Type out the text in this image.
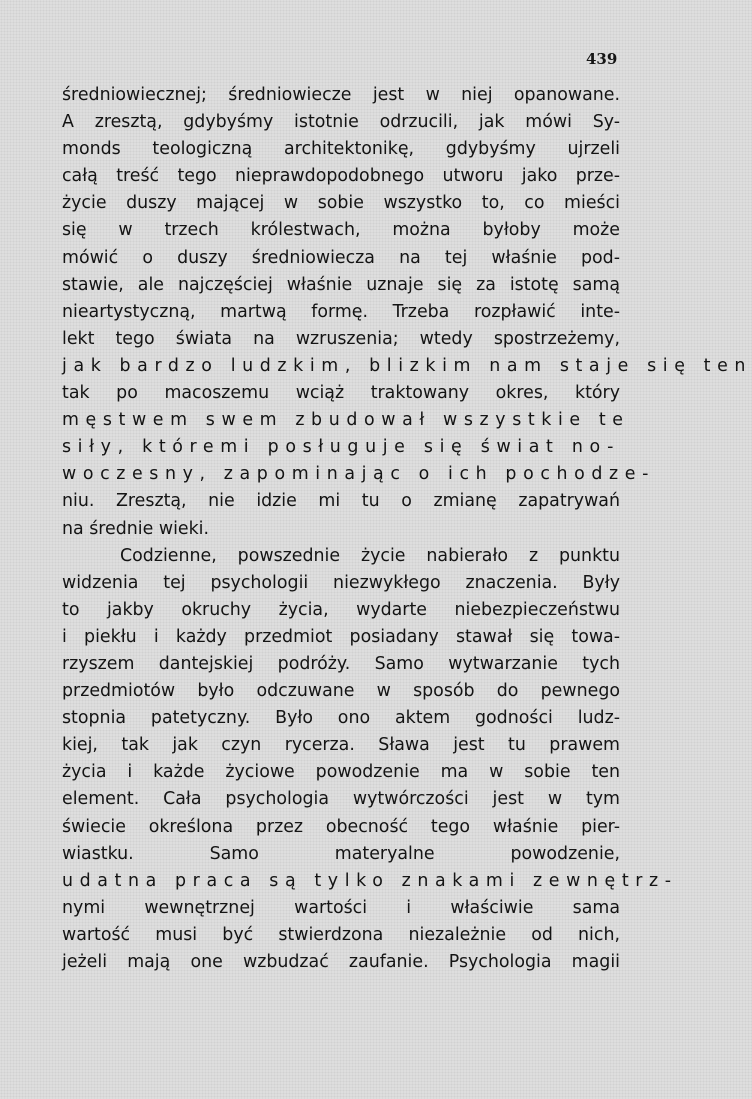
439
średniowiecznej; średniowiecze jest w niej opanowane.
A zresztą, gdybyśmy istotnie odrzucili, jak mówi Sy-
monds teologiczną architektonikę, gdybyśmy ujrzeli
całą treść tego nieprawdopodobnego utworu jako prze-
życie duszy mającej w sobie wszystko to, co mieści
się w trzech królestwach, można byłoby może
mówić o duszy średniowiecza na tej właśnie pod-
stawie, ale najczęściej właśnie uznaje się za istotę samą
nieartystyczną, martwą formę. Trzeba rozpławić inte-
lekt tego świata na wzruszenia; wtedy spostrzeżemy,
jak bardzo ludzkim, blizkim nam staje się ten
tak po macoszemu wciąż traktowany okres, który
męstwem swem zbudował wszystkie te
siły, któremi posługuje się świat no-
woczesny, zapominając o ich pochodze-
niu. Zresztą, nie idzie mi tu o zmianę zapatrywań
na średnie wieki.
Codzienne, powszednie życie nabierało z punktu
widzenia tej psychologii niezwykłego znaczenia. Były
to jakby okruchy życia, wydarte niebezpieczeństwu
i piekłu i każdy przedmiot posiadany stawał się towa-
rzyszem dantejskiej podróży. Samo wytwarzanie tych
przedmiotów było odczuwane w sposób do pewnego
stopnia patetyczny. Było ono aktem godności ludz-
kiej, tak jak czyn rycerza. Sława jest tu prawem
życia i każde życiowe powodzenie ma w sobie ten
element. Cała psychologia wytwórczości jest w tym
świecie określona przez obecność tego właśnie pier-
wiastku. Samo materyalne powodzenie,
udatna praca są tylko znakami zewnętrz-
nymi wewnętrznej wartości i właściwie sama
wartość musi być stwierdzona niezależnie od nich,
jeżeli mają one wzbudzać zaufanie. Psychologia magii
